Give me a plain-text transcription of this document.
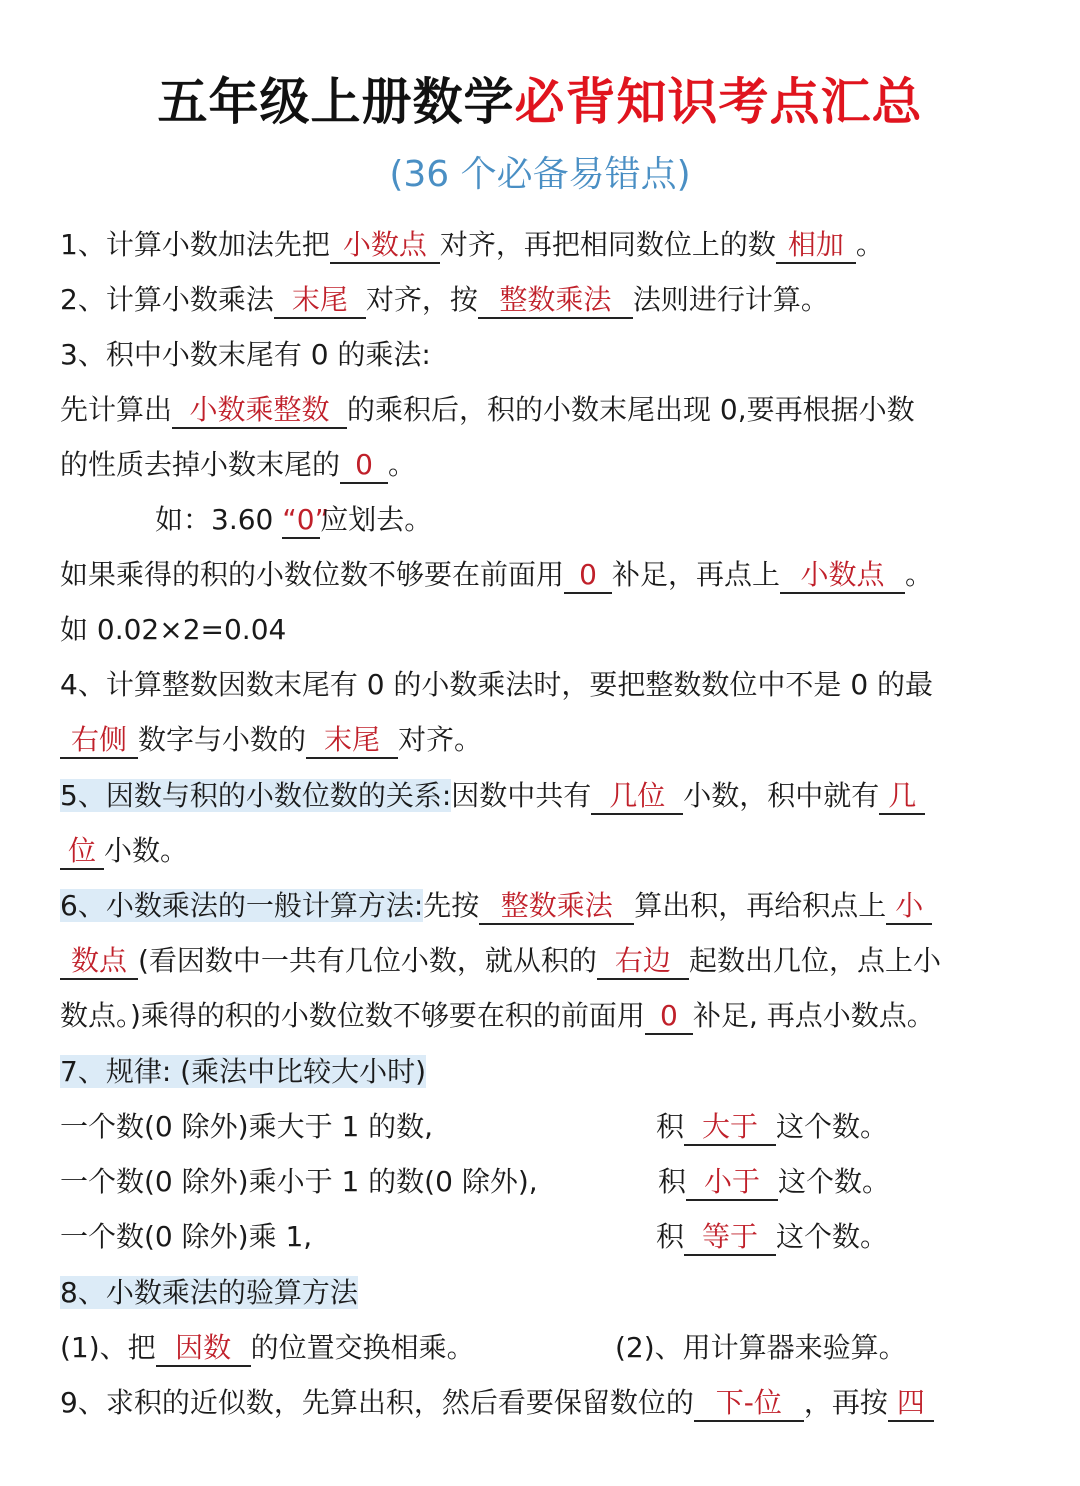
五年级上册数学必背知识考点汇总
(36 个必备易错点)
1、计算小数加法先把 小数点 对齐，再把相同数位上的数 相加 。
2、计算小数乘法 末尾 对齐，按 整数乘法 法则进行计算。
3、积中小数末尾有 0 的乘法:
先计算出 小数乘整数 的乘积后，积的小数末尾出现 0,要再根据小数
的性质去掉小数末尾的 0 。
如：3.60 “0”应划去。
如果乘得的积的小数位数不够要在前面用 0 补足，再点上 小数点 。
如 0.02×2=0.04
4、计算整数因数末尾有 0 的小数乘法时，要把整数数位中不是 0 的最
右侧 数字与小数的 末尾 对齐。
5、因数与积的小数位数的关系:因数中共有 几位 小数，积中就有 几
位 小数。
6、小数乘法的一般计算方法:先按 整数乘法 算出积，再给积点上 小
数点 (看因数中一共有几位小数，就从积的 右边 起数出几位，点上小
数点。)乘得的积的小数位数不够要在积的前面用 0 补足, 再点小数点。
7、规律: (乘法中比较大小时)
一个数(0 除外)乘大于 1 的数,	积 大于 这个数。
一个数(0 除外)乘小于 1 的数(0 除外),	积 小于 这个数。
一个数(0 除外)乘 1,	积 等于 这个数。
8、小数乘法的验算方法
(1)、把 因数 的位置交换相乘。	(2)、用计算器来验算。
9、求积的近似数，先算出积，然后看要保留数位的 下-位 ，再按 四
